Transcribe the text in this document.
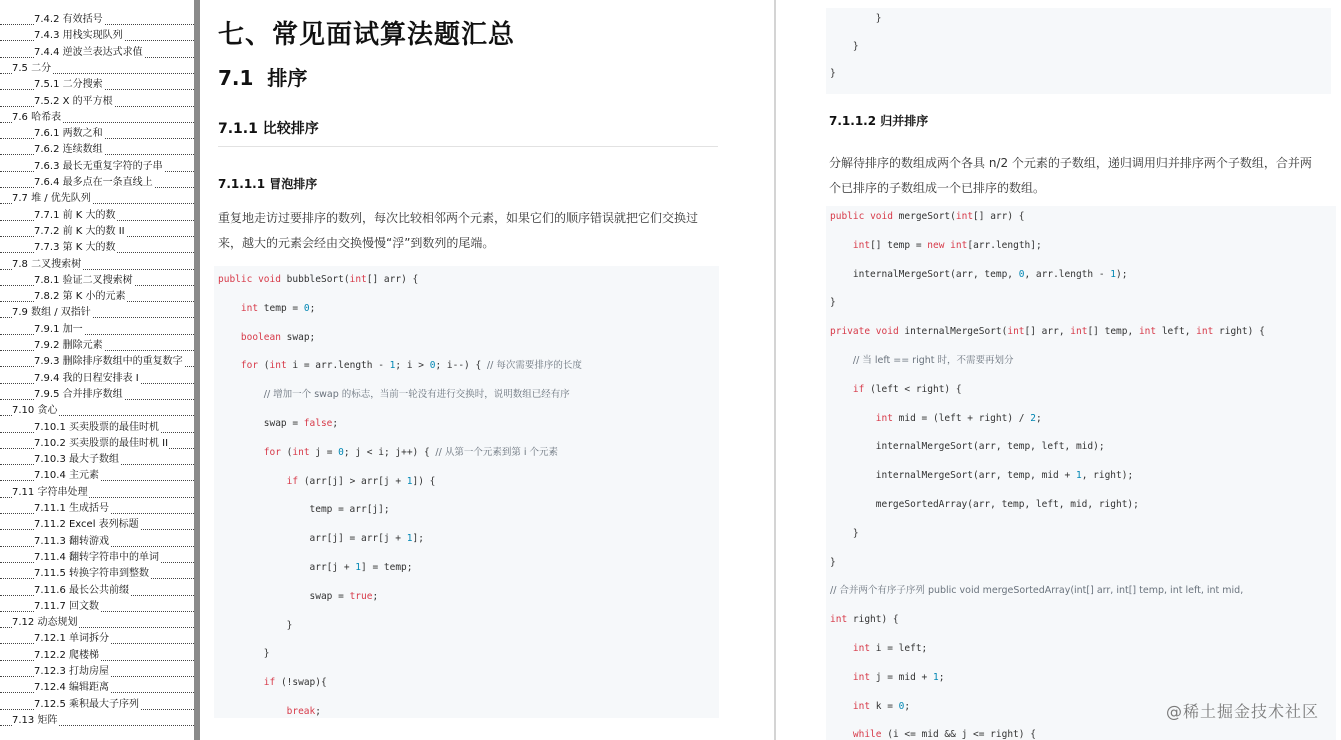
7.4.2 有效括号
7.4.3 用栈实现队列
7.4.4 逆波兰表达式求值
7.5 二分
7.5.1 二分搜索
7.5.2 X 的平方根
7.6 哈希表
7.6.1 两数之和
7.6.2 连续数组
7.6.3 最长无重复字符的子串
7.6.4 最多点在一条直线上
7.7 堆 / 优先队列
7.7.1 前 K 大的数
7.7.2 前 K 大的数 II
7.7.3 第 K 大的数
7.8 二叉搜索树
7.8.1 验证二叉搜索树
7.8.2 第 K 小的元素
7.9 数组 / 双指针
7.9.1 加一
7.9.2 删除元素
7.9.3 删除排序数组中的重复数字
7.9.4 我的日程安排表 I
7.9.5 合并排序数组
7.10 贪心
7.10.1 买卖股票的最佳时机
7.10.2 买卖股票的最佳时机 II
7.10.3 最大子数组
7.10.4 主元素
7.11 字符串处理
7.11.1 生成括号
7.11.2 Excel 表列标题
7.11.3 翻转游戏
7.11.4 翻转字符串中的单词
7.11.5 转换字符串到整数
7.11.6 最长公共前缀
7.11.7 回文数
7.12 动态规划
7.12.1 单词拆分
7.12.2 爬楼梯
7.12.3 打劫房屋
7.12.4 编辑距离
7.12.5 乘积最大子序列
7.13 矩阵
七、常见面试算法题汇总
7.1 排序
7.1.1 比较排序
7.1.1.1 冒泡排序
重复地走访过要排序的数列，每次比较相邻两个元素，如果它们的顺序错误就把它们交换过
来，越大的元素会经由交换慢慢“浮”到数列的尾端。
public void bubbleSort(int[] arr) {
int temp = 0;
boolean swap;
for (int i = arr.length - 1; i > 0; i--) { // 每次需要排序的长度
// 增加一个 swap 的标志，当前一轮没有进行交换时，说明数组已经有序
swap = false;
for (int j = 0; j < i; j++) { // 从第一个元素到第 i 个元素
if (arr[j] > arr[j + 1]) {
temp = arr[j];
arr[j] = arr[j + 1];
arr[j + 1] = temp;
swap = true;
}
}
if (!swap){
break;
}
}
}
7.1.1.2 归并排序
分解待排序的数组成两个各具 n/2 个元素的子数组，递归调用归并排序两个子数组，合并两
个已排序的子数组成一个已排序的数组。
public void mergeSort(int[] arr) {
int[] temp = new int[arr.length];
internalMergeSort(arr, temp, 0, arr.length - 1);
}
private void internalMergeSort(int[] arr, int[] temp, int left, int right) {
// 当 left == right 时，不需要再划分
if (left < right) {
int mid = (left + right) / 2;
internalMergeSort(arr, temp, left, mid);
internalMergeSort(arr, temp, mid + 1, right);
mergeSortedArray(arr, temp, left, mid, right);
}
}
// 合并两个有序子序列 public void mergeSortedArray(int[] arr, int[] temp, int left, int mid,
int right) {
int i = left;
int j = mid + 1;
int k = 0;
while (i <= mid && j <= right) {
@稀土掘金技术社区
